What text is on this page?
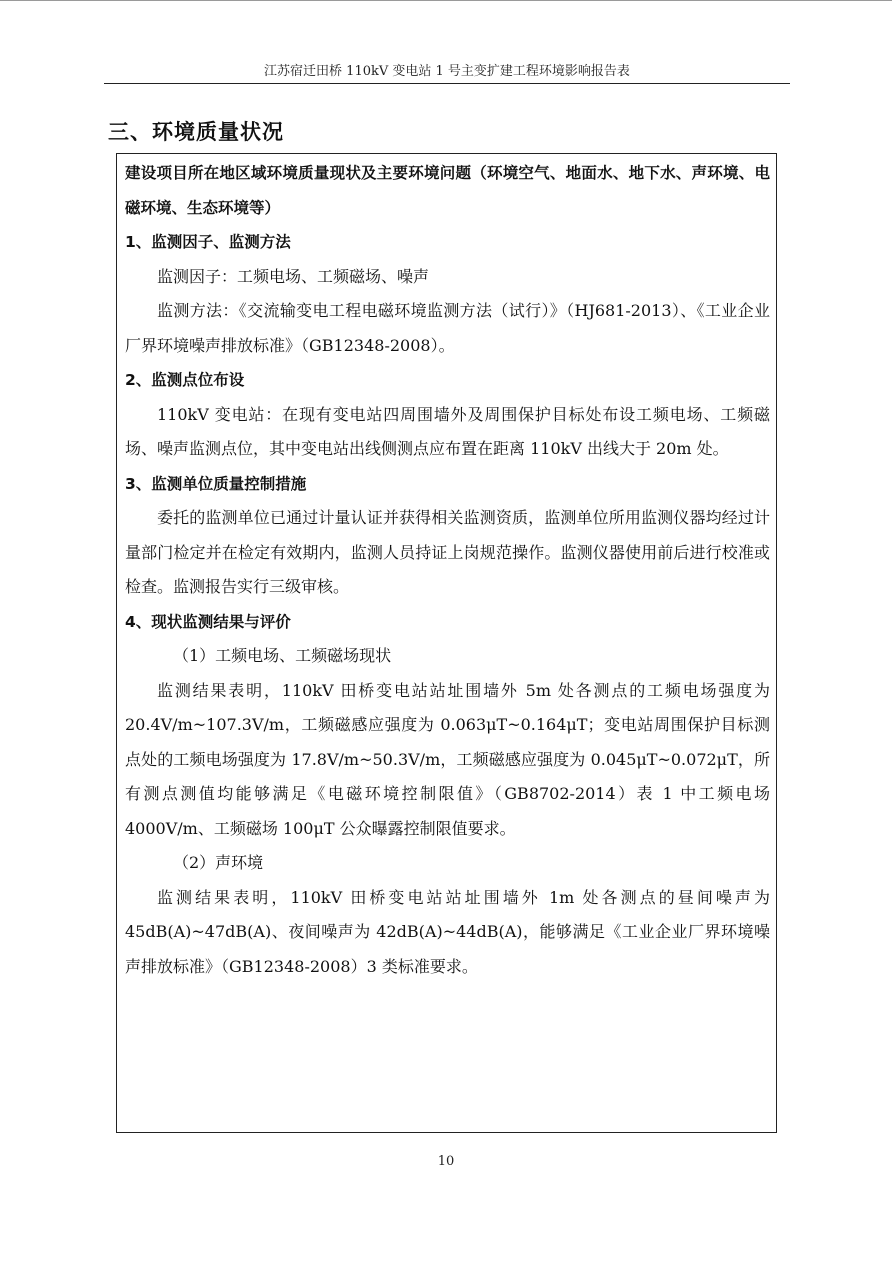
江苏宿迁田桥 110kV 变电站 1 号主变扩建工程环境影响报告表
三、环境质量状况

建设项目所在地区域环境质量现状及主要环境问题（环境空气、地面水、地下水、声环境、电磁环境、生态环境等）

1、监测因子、监测方法

监测因子：工频电场、工频磁场、噪声

监测方法：《交流输变电工程电磁环境监测方法（试行）》（HJ681-2013）、《工业企业厂界环境噪声排放标准》（GB12348-2008）。

2、监测点位布设

110kV 变电站：在现有变电站四周围墙外及周围保护目标处布设工频电场、工频磁场、噪声监测点位，其中变电站出线侧测点应布置在距离 110kV 出线大于 20m 处。

3、监测单位质量控制措施

委托的监测单位已通过计量认证并获得相关监测资质，监测单位所用监测仪器均经过计量部门检定并在检定有效期内，监测人员持证上岗规范操作。监测仪器使用前后进行校准或检查。监测报告实行三级审核。

4、现状监测结果与评价

（1）工频电场、工频磁场现状

监测结果表明，110kV 田桥变电站站址围墙外 5m 处各测点的工频电场强度为 20.4V/m~107.3V/m，工频磁感应强度为 0.063μT~0.164μT；变电站周围保护目标测点处的工频电场强度为 17.8V/m~50.3V/m，工频磁感应强度为 0.045μT~0.072μT，所有测点测值均能够满足《电磁环境控制限值》（GB8702-2014）表 1 中工频电场 4000V/m、工频磁场 100μT 公众曝露控制限值要求。

（2）声环境

监测结果表明，110kV 田桥变电站站址围墙外 1m 处各测点的昼间噪声为 45dB(A)~47dB(A)、夜间噪声为 42dB(A)~44dB(A)，能够满足《工业企业厂界环境噪声排放标准》（GB12348-2008）3 类标准要求。

10
